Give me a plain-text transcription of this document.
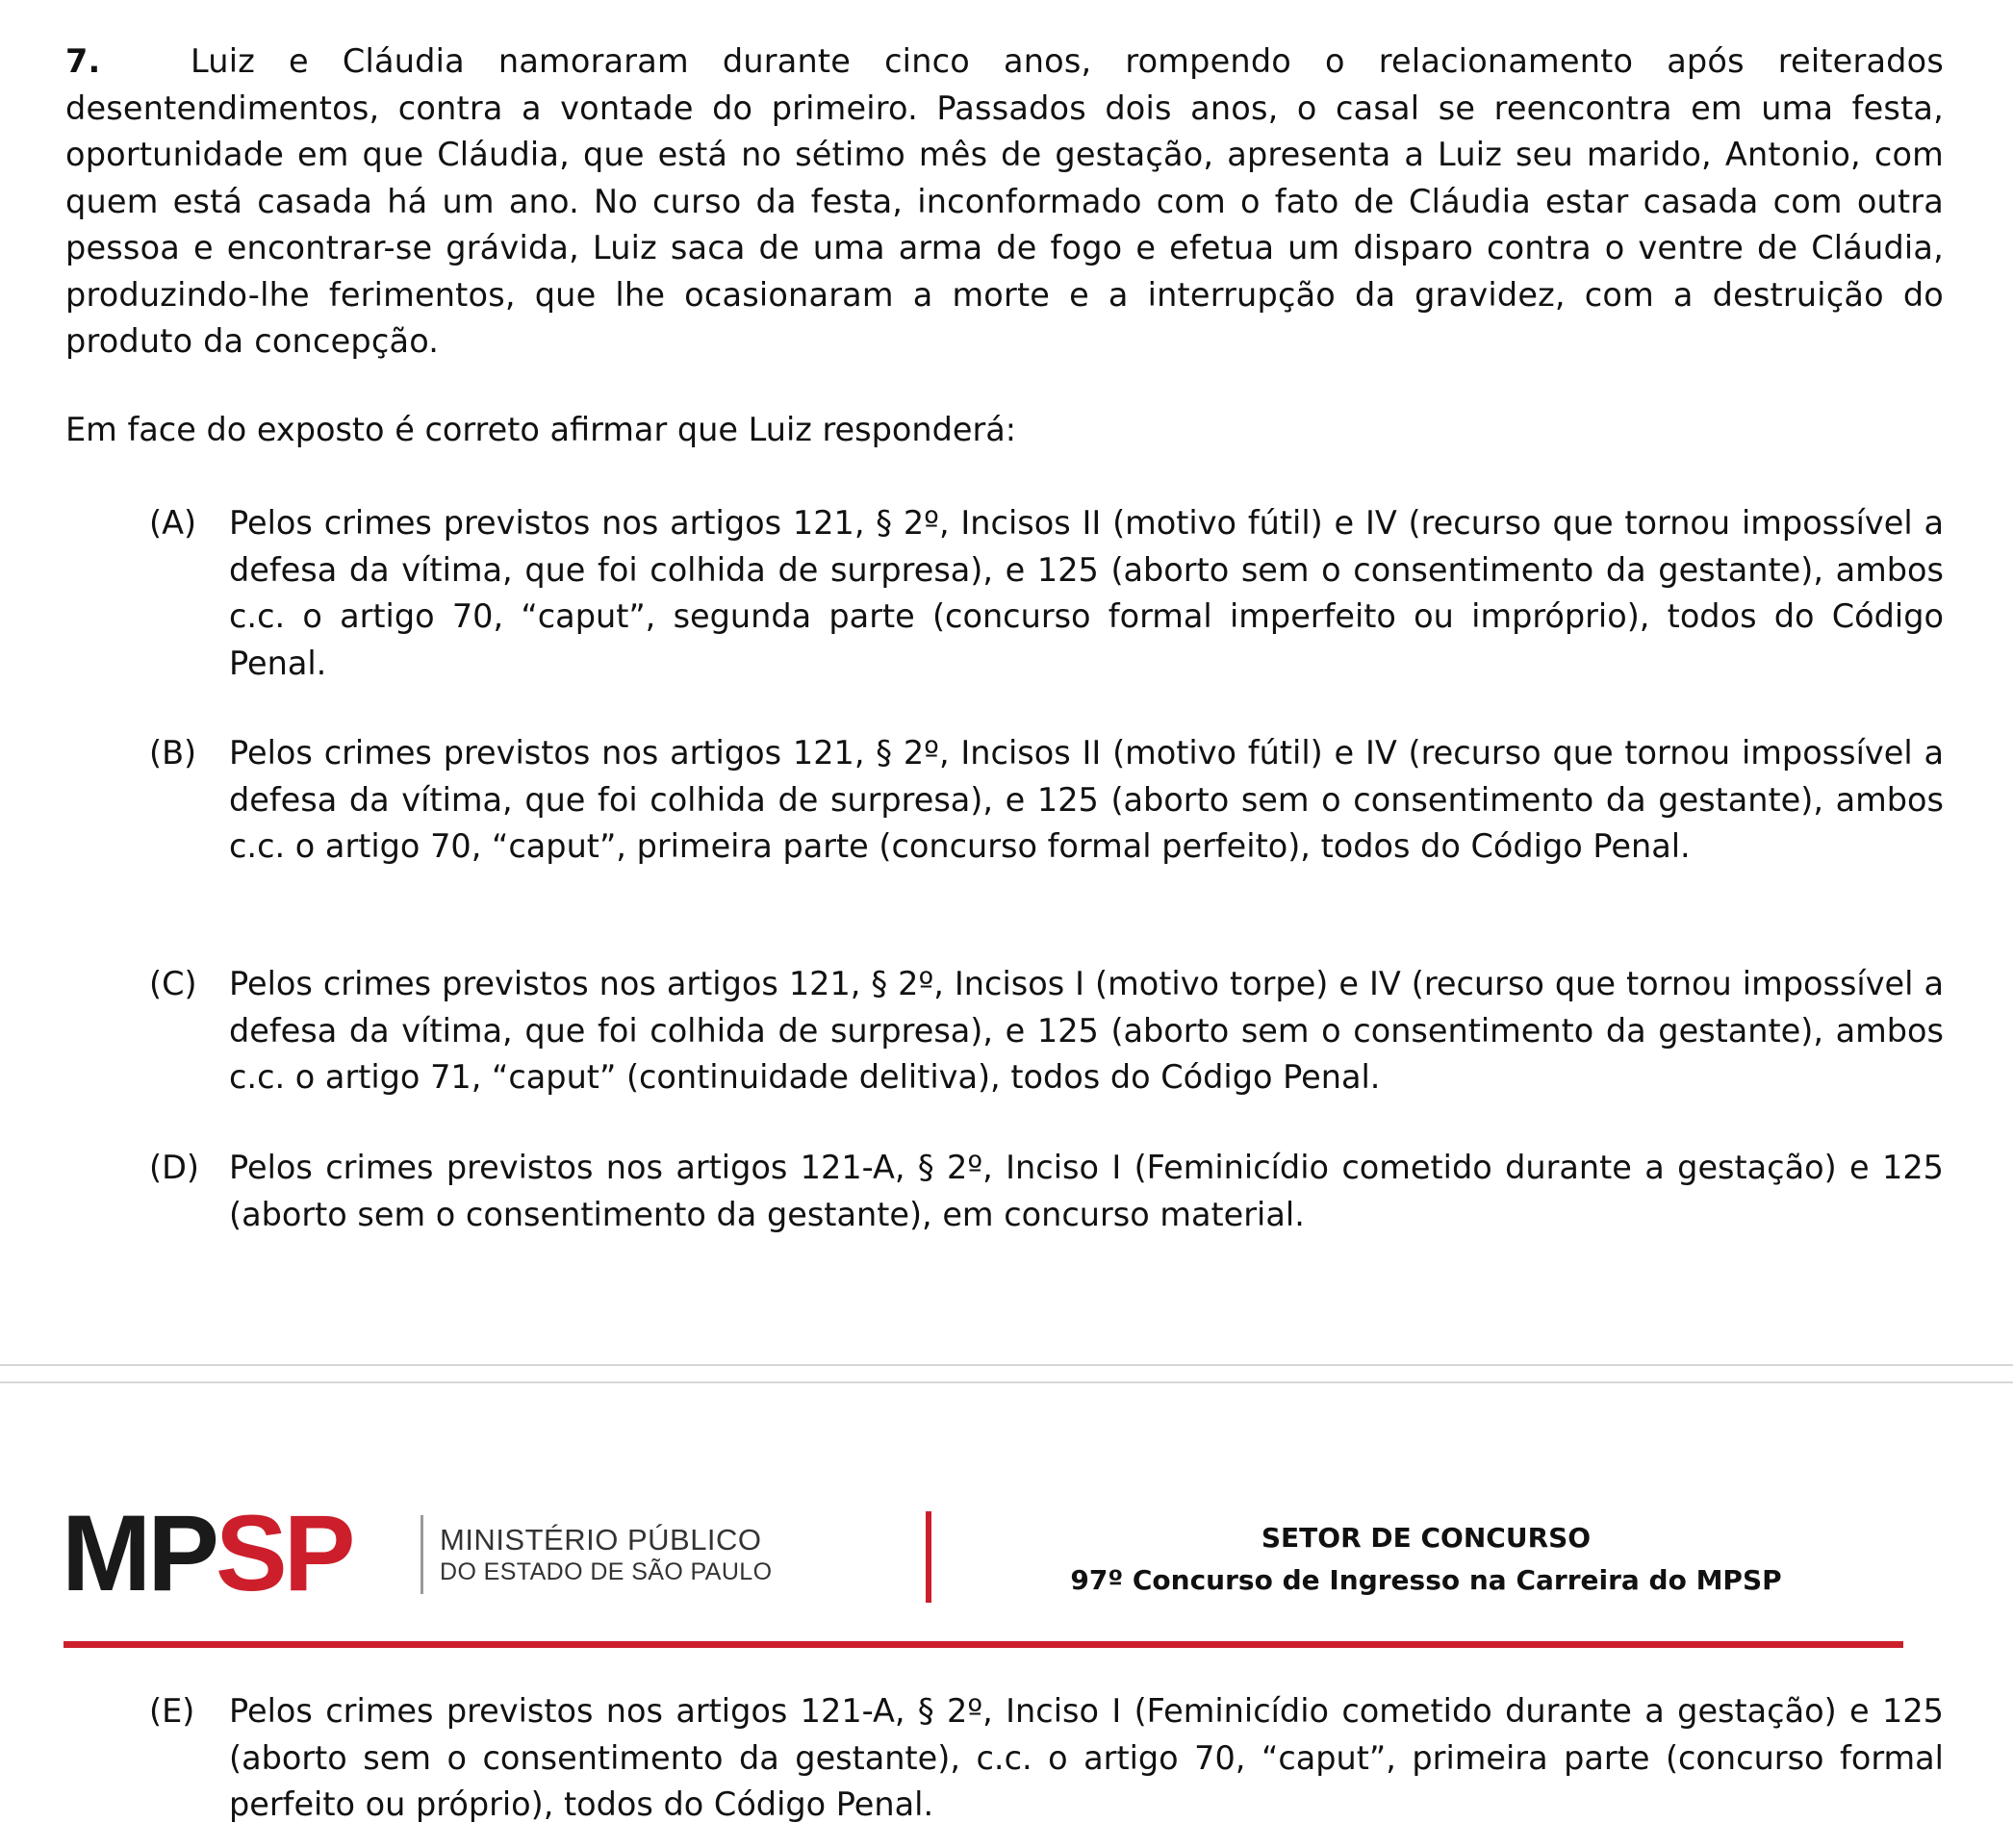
7.	Luiz e Cláudia namoraram durante cinco anos, rompendo o relacionamento após reiterados desentendimentos, contra a vontade do primeiro. Passados dois anos, o casal se reencontra em uma festa, oportunidade em que Cláudia, que está no sétimo mês de gestação, apresenta a Luiz seu marido, Antonio, com quem está casada há um ano. No curso da festa, inconformado com o fato de Cláudia estar casada com outra pessoa e encontrar-se grávida, Luiz saca de uma arma de fogo e efetua um disparo contra o ventre de Cláudia, produzindo-lhe ferimentos, que lhe ocasionaram a morte e a interrupção da gravidez, com a destruição do produto da concepção.
Em face do exposto é correto afirmar que Luiz responderá:
(A)	Pelos crimes previstos nos artigos 121, § 2º, Incisos II (motivo fútil) e IV (recurso que tornou impossível a defesa da vítima, que foi colhida de surpresa), e 125 (aborto sem o consentimento da gestante), ambos c.c. o artigo 70, “caput”, segunda parte (concurso formal imperfeito ou impróprio), todos do Código Penal.
(B)	Pelos crimes previstos nos artigos 121, § 2º, Incisos II (motivo fútil) e IV (recurso que tornou impossível a defesa da vítima, que foi colhida de surpresa), e 125 (aborto sem o consentimento da gestante), ambos c.c. o artigo 70, “caput”, primeira parte (concurso formal perfeito), todos do Código Penal.
(C) Pelos crimes previstos nos artigos 121, § 2º, Incisos I (motivo torpe) e IV (recurso que tornou impossível a defesa da vítima, que foi colhida de surpresa), e 125 (aborto sem o consentimento da gestante), ambos c.c. o artigo 71, “caput” (continuidade delitiva), todos do Código Penal.
(D) Pelos crimes previstos nos artigos 121-A, § 2º, Inciso I (Feminicídio cometido durante a gestação) e 125 (aborto sem o consentimento da gestante), em concurso material.
MPSP	MINISTÉRIO PÚBLICO
DO ESTADO DE SÃO PAULO
SETOR DE CONCURSO
97º Concurso de Ingresso na Carreira do MPSP
(E)	Pelos crimes previstos nos artigos 121-A, § 2º, Inciso I (Feminicídio cometido durante a gestação) e 125 (aborto sem o consentimento da gestante), c.c. o artigo 70, “caput”, primeira parte (concurso formal perfeito ou próprio), todos do Código Penal.
